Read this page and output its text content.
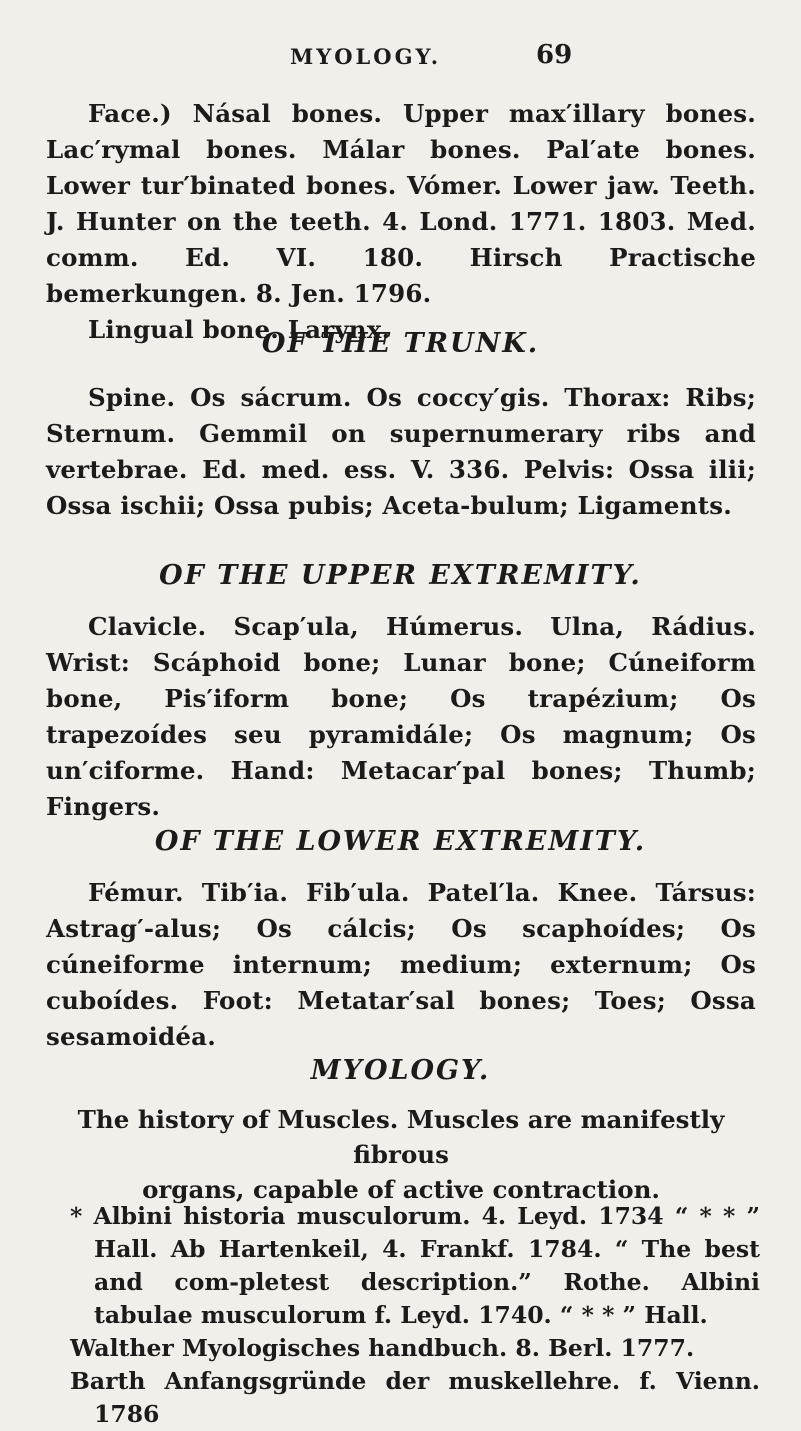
MYOLOGY.	69

Face.) Násal bones. Upper max′illary bones. Lac′rymal bones. Málar bones. Pal′ate bones. Lower tur′binated bones. Vómer. Lower jaw. Teeth. J. Hunter on the teeth. 4. Lond. 1771. 1803. Med. comm. Ed. VI. 180. Hirsch Practische bemerkungen. 8. Jen. 1796.

Lingual bone. Larynx.

OF THE TRUNK.

Spine. Os sácrum. Os coccy′gis. Thorax: Ribs; Sternum. Gemmil on supernumerary ribs and vertebrae. Ed. med. ess. V. 336. Pelvis: Ossa ilii; Ossa ischii; Ossa pubis; Aceta-bulum; Ligaments.

OF THE UPPER EXTREMITY.

Clavicle. Scap′ula, Húmerus. Ulna, Rádius. Wrist: Scáphoid bone; Lunar bone; Cúneiform bone, Pis′iform bone; Os trapézium; Os trapezoídes seu pyramidále; Os magnum; Os un′ciforme. Hand: Metacar′pal bones; Thumb; Fingers.

OF THE LOWER EXTREMITY.

Fémur. Tib′ia. Fib′ula. Patel′la. Knee. Társus: Astrag′-alus; Os cálcis; Os scaphoídes; Os cúneiforme internum; medium; externum; Os cuboídes. Foot: Metatar′sal bones; Toes; Ossa sesamoidéa.

MYOLOGY.

The history of Muscles. Muscles are manifestly fibrous

organs, capable of active contraction.

* Albini historia musculorum. 4. Leyd. 1734 “ * * ” Hall. Ab Hartenkeil, 4. Frankf. 1784. “ The best and com-pletest description.” Rothe. Albini tabulae musculorum f. Leyd. 1740. “ * * ” Hall.

Walther Myologisches handbuch. 8. Berl. 1777.

Barth Anfangsgründe der muskellehre. f. Vienn. 1786
